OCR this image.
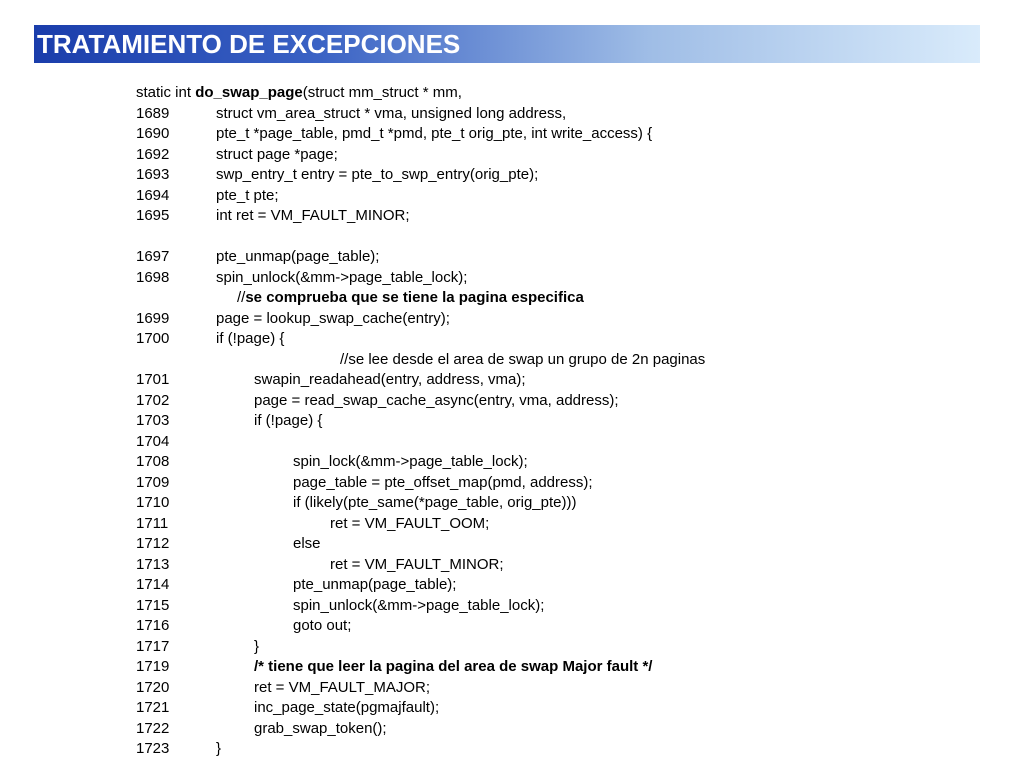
TRATAMIENTO DE EXCEPCIONES
static int do_swap_page(struct mm_struct * mm,
1689	struct vm_area_struct * vma, unsigned long address,
1690	pte_t *page_table, pmd_t *pmd, pte_t orig_pte, int write_access) {
1692	struct page *page;
1693	swp_entry_t entry = pte_to_swp_entry(orig_pte);
1694	pte_t pte;
1695	int ret = VM_FAULT_MINOR;
1697	pte_unmap(page_table);
1698	spin_unlock(&mm->page_table_lock);
//se comprueba que se tiene la pagina especifica
1699	page = lookup_swap_cache(entry);
1700	if (!page) {
//se lee desde el area de swap un grupo de 2n paginas
1701	swapin_readahead(entry, address, vma);
1702	page = read_swap_cache_async(entry, vma, address);
1703	if (!page) {
1704
1708	spin_lock(&mm->page_table_lock);
1709	page_table = pte_offset_map(pmd, address);
1710	if (likely(pte_same(*page_table, orig_pte)))
1711	ret = VM_FAULT_OOM;
1712	else
1713	ret = VM_FAULT_MINOR;
1714	pte_unmap(page_table);
1715	spin_unlock(&mm->page_table_lock);
1716	goto out;
1717	}
1719	/* tiene que leer la pagina del area de swap Major fault */
1720	ret = VM_FAULT_MAJOR;
1721	inc_page_state(pgmajfault);
1722	grab_swap_token();
1723	}
